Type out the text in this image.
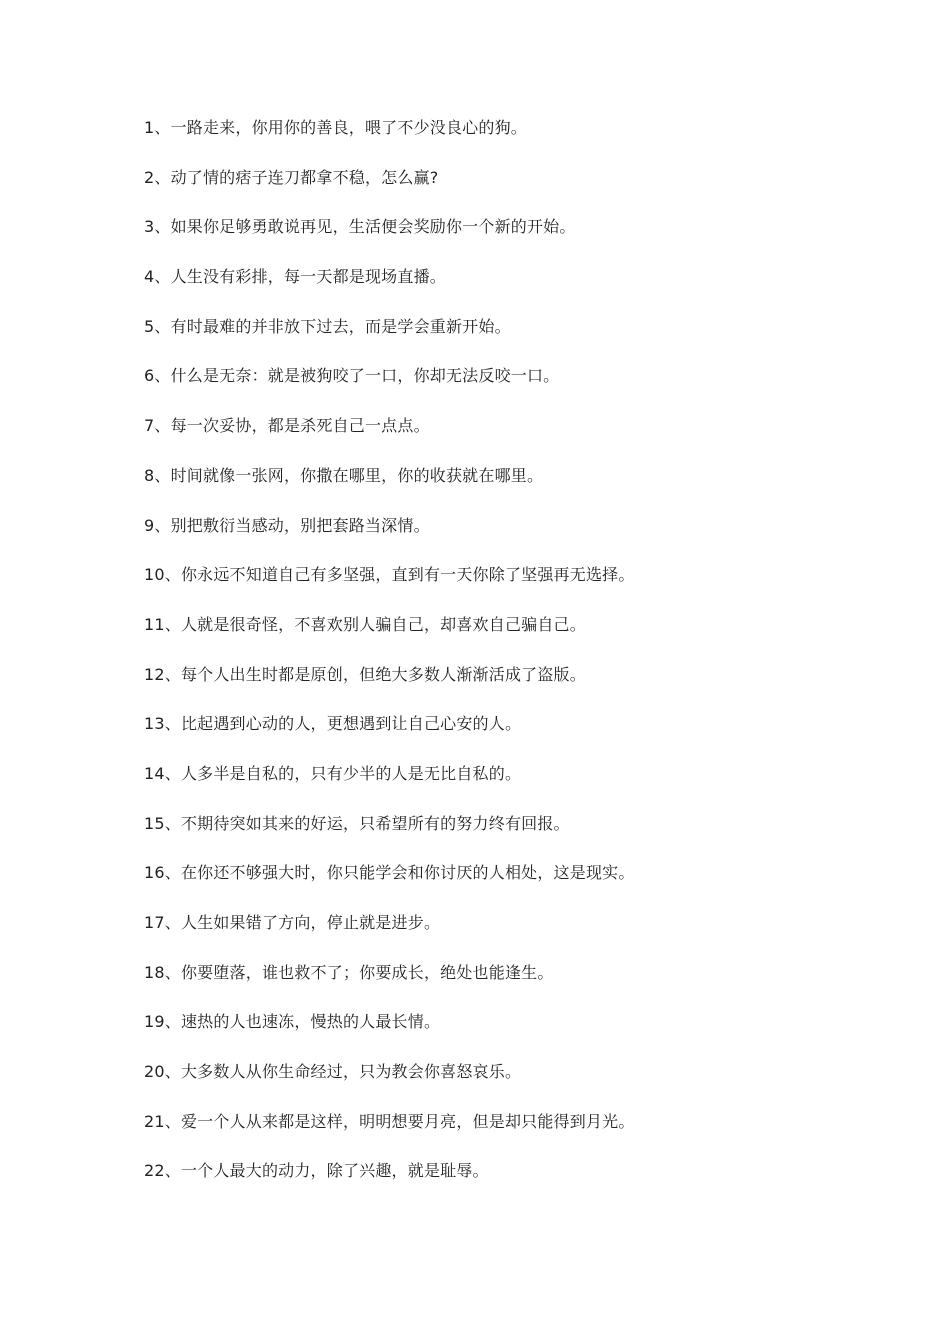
1、一路走来，你用你的善良，喂了不少没良心的狗。
2、动了情的痞子连刀都拿不稳，怎么赢?
3、如果你足够勇敢说再见，生活便会奖励你一个新的开始。
4、人生没有彩排，每一天都是现场直播。
5、有时最难的并非放下过去，而是学会重新开始。
6、什么是无奈：就是被狗咬了一口，你却无法反咬一口。
7、每一次妥协，都是杀死自己一点点。
8、时间就像一张网，你撒在哪里，你的收获就在哪里。
9、别把敷衍当感动，别把套路当深情。
10、你永远不知道自己有多坚强，直到有一天你除了坚强再无选择。
11、人就是很奇怪，不喜欢别人骗自己，却喜欢自己骗自己。
12、每个人出生时都是原创，但绝大多数人渐渐活成了盗版。
13、比起遇到心动的人，更想遇到让自己心安的人。
14、人多半是自私的，只有少半的人是无比自私的。
15、不期待突如其来的好运，只希望所有的努力终有回报。
16、在你还不够强大时，你只能学会和你讨厌的人相处，这是现实。
17、人生如果错了方向，停止就是进步。
18、你要堕落，谁也救不了；你要成长，绝处也能逢生。
19、速热的人也速冻，慢热的人最长情。
20、大多数人从你生命经过，只为教会你喜怒哀乐。
21、爱一个人从来都是这样，明明想要月亮，但是却只能得到月光。
22、一个人最大的动力，除了兴趣，就是耻辱。
